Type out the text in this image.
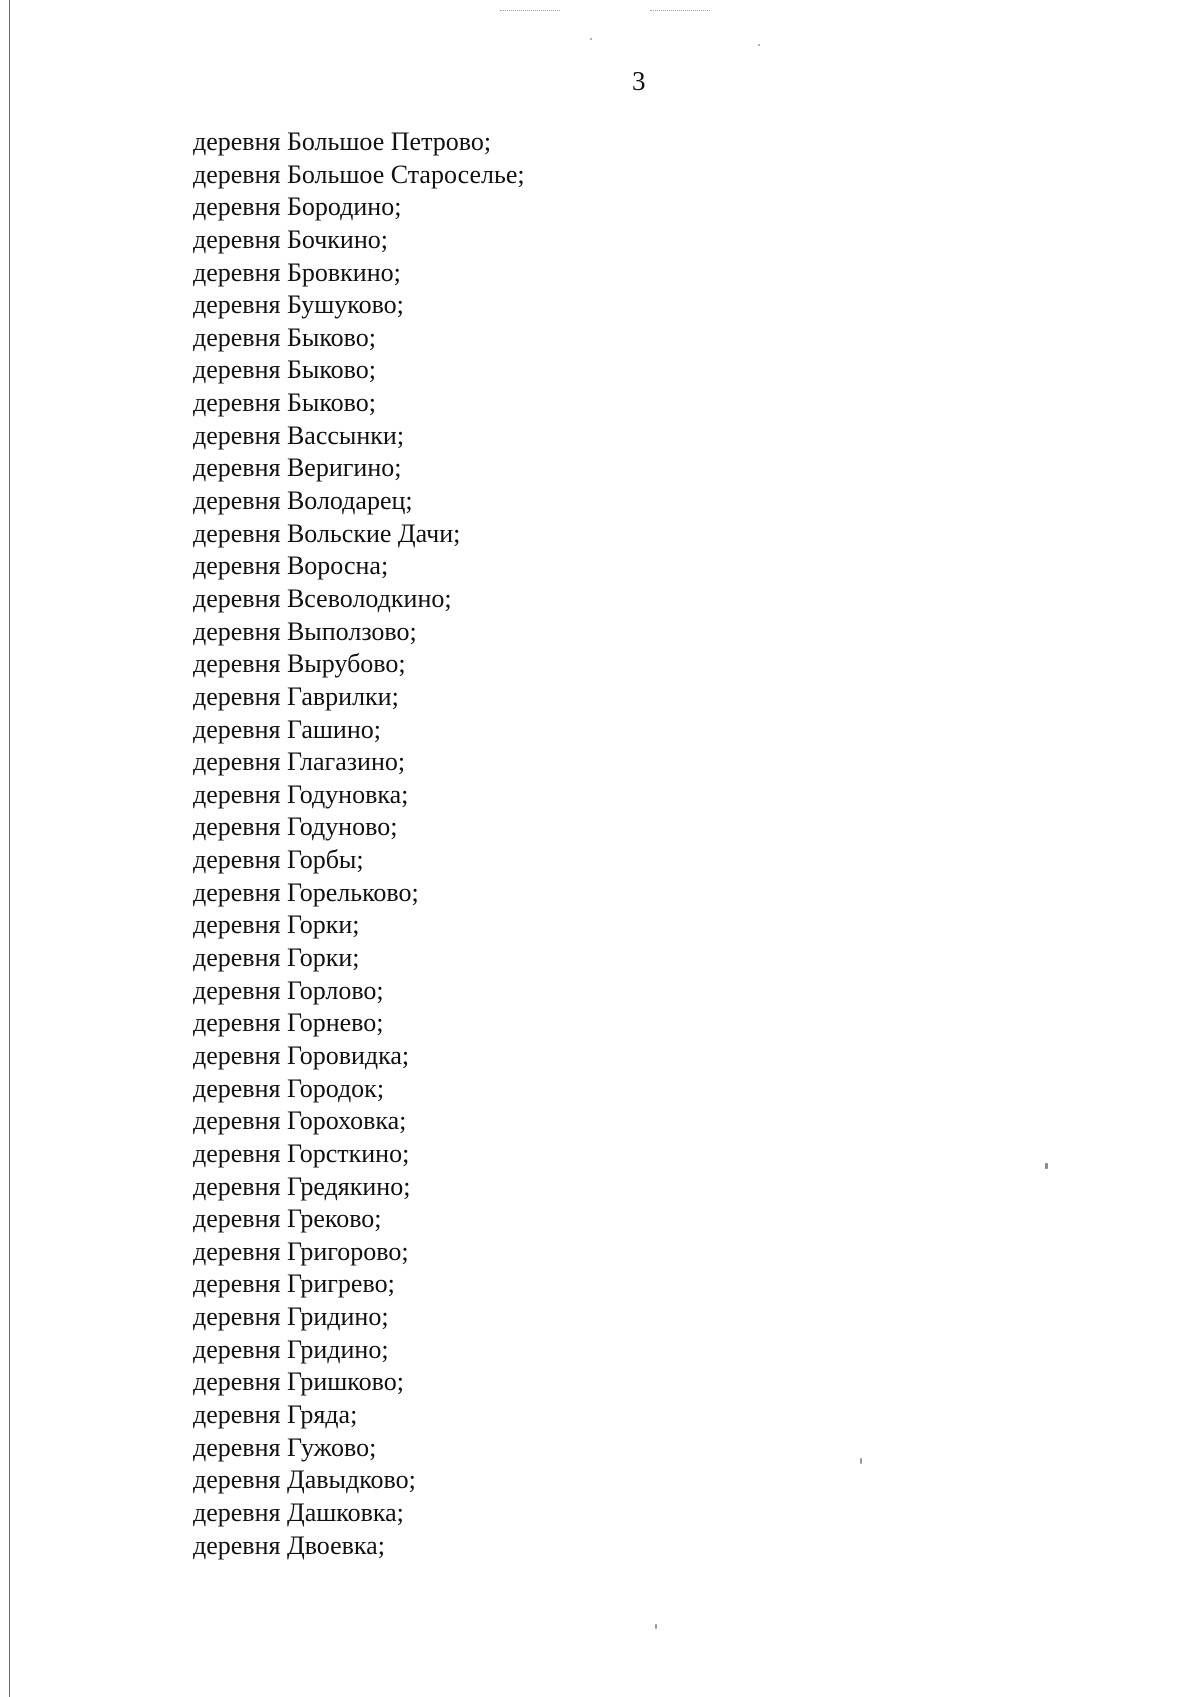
3
деревня Большое Петрово;
деревня Большое Староселье;
деревня Бородино;
деревня Бочкино;
деревня Бровкино;
деревня Бушуково;
деревня Быково;
деревня Быково;
деревня Быково;
деревня Вассынки;
деревня Веригино;
деревня Володарец;
деревня Вольские Дачи;
деревня Воросна;
деревня Всеволодкино;
деревня Выползово;
деревня Вырубово;
деревня Гаврилки;
деревня Гашино;
деревня Глагазино;
деревня Годуновка;
деревня Годуново;
деревня Горбы;
деревня Горельково;
деревня Горки;
деревня Горки;
деревня Горлово;
деревня Горнево;
деревня Горовидка;
деревня Городок;
деревня Гороховка;
деревня Горсткино;
деревня Гредякино;
деревня Греково;
деревня Григорово;
деревня Григрево;
деревня Гридино;
деревня Гридино;
деревня Гришково;
деревня Гряда;
деревня Гужово;
деревня Давыдково;
деревня Дашковка;
деревня Двоевка;
